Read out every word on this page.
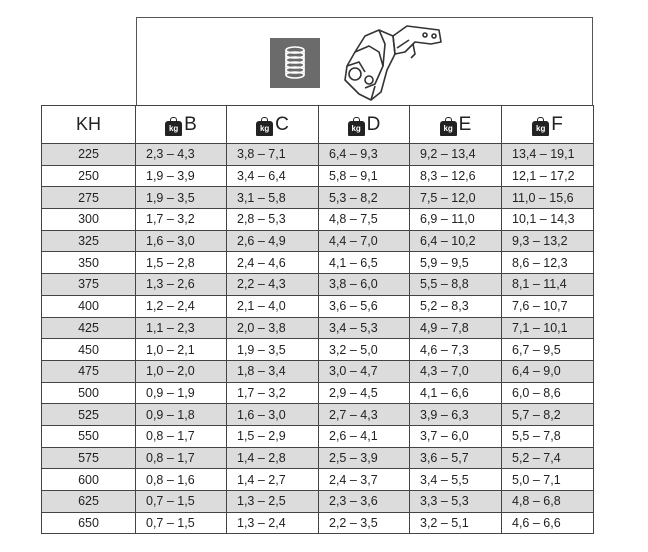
KH	kg B	kg C	kg D	kg E	kg F
225	2,3 – 4,3	3,8 – 7,1	6,4 – 9,3	9,2 – 13,4	13,4 – 19,1
250	1,9 – 3,9	3,4 – 6,4	5,8 – 9,1	8,3 – 12,6	12,1 – 17,2
275	1,9 – 3,5	3,1 – 5,8	5,3 – 8,2	7,5 – 12,0	11,0 – 15,6
300	1,7 – 3,2	2,8 – 5,3	4,8 – 7,5	6,9 – 11,0	10,1 – 14,3
325	1,6 – 3,0	2,6 – 4,9	4,4 – 7,0	6,4 – 10,2	9,3 – 13,2
350	1,5 – 2,8	2,4 – 4,6	4,1 – 6,5	5,9 – 9,5	8,6 – 12,3
375	1,3 – 2,6	2,2 – 4,3	3,8 – 6,0	5,5 – 8,8	8,1 – 11,4
400	1,2 – 2,4	2,1 – 4,0	3,6 – 5,6	5,2 – 8,3	7,6 – 10,7
425	1,1 – 2,3	2,0 – 3,8	3,4 – 5,3	4,9 – 7,8	7,1 – 10,1
450	1,0 – 2,1	1,9 – 3,5	3,2 – 5,0	4,6 – 7,3	6,7 – 9,5
475	1,0 – 2,0	1,8 – 3,4	3,0 – 4,7	4,3 – 7,0	6,4 – 9,0
500	0,9 – 1,9	1,7 – 3,2	2,9 – 4,5	4,1 – 6,6	6,0 – 8,6
525	0,9 – 1,8	1,6 – 3,0	2,7 – 4,3	3,9 – 6,3	5,7 – 8,2
550	0,8 – 1,7	1,5 – 2,9	2,6 – 4,1	3,7 – 6,0	5,5 – 7,8
575	0,8 – 1,7	1,4 – 2,8	2,5 – 3,9	3,6 – 5,7	5,2 – 7,4
600	0,8 – 1,6	1,4 – 2,7	2,4 – 3,7	3,4 – 5,5	5,0 – 7,1
625	0,7 – 1,5	1,3 – 2,5	2,3 – 3,6	3,3 – 5,3	4,8 – 6,8
650	0,7 – 1,5	1,3 – 2,4	2,2 – 3,5	3,2 – 5,1	4,6 – 6,6
